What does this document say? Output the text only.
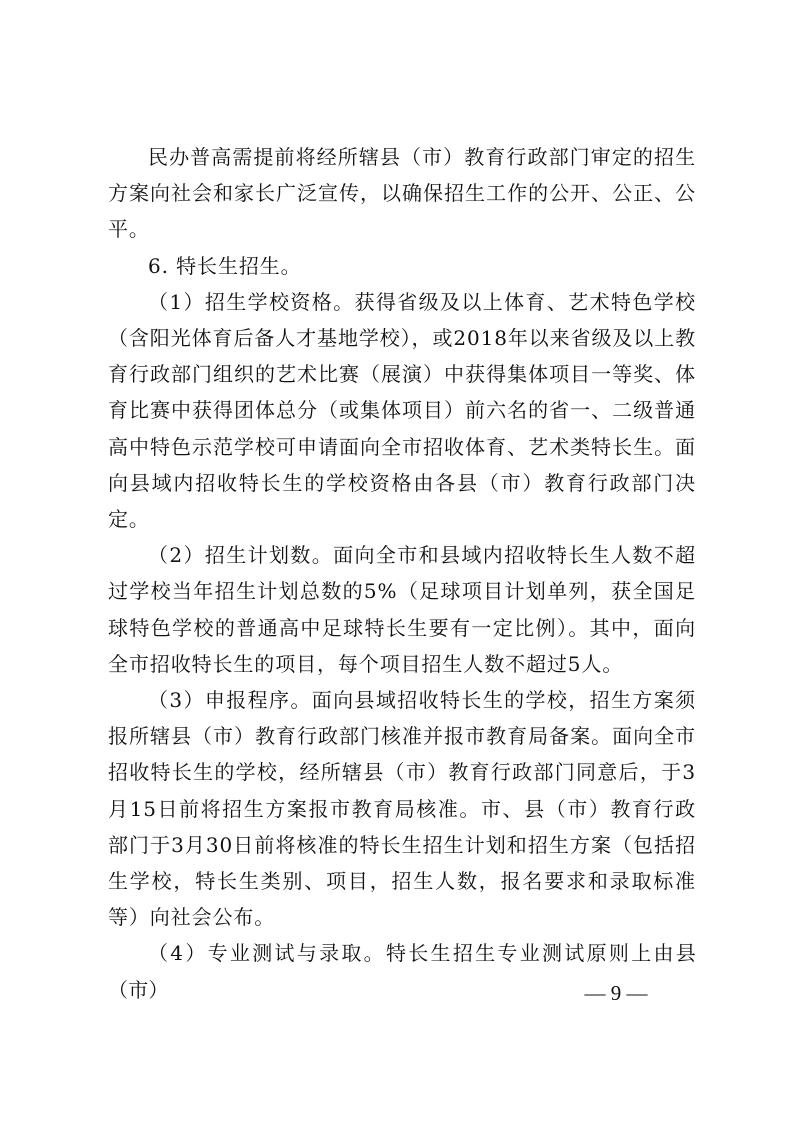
民办普高需提前将经所辖县（市）教育行政部门审定的招生方案向社会和家长广泛宣传，以确保招生工作的公开、公正、公平。

6. 特长生招生。

（1）招生学校资格。获得省级及以上体育、艺术特色学校（含阳光体育后备人才基地学校），或2018年以来省级及以上教育行政部门组织的艺术比赛（展演）中获得集体项目一等奖、体育比赛中获得团体总分（或集体项目）前六名的省一、二级普通高中特色示范学校可申请面向全市招收体育、艺术类特长生。面向县域内招收特长生的学校资格由各县（市）教育行政部门决定。

（2）招生计划数。面向全市和县域内招收特长生人数不超过学校当年招生计划总数的5%（足球项目计划单列，获全国足球特色学校的普通高中足球特长生要有一定比例）。其中，面向全市招收特长生的项目，每个项目招生人数不超过5人。

（3）申报程序。面向县域招收特长生的学校，招生方案须报所辖县（市）教育行政部门核准并报市教育局备案。面向全市招收特长生的学校，经所辖县（市）教育行政部门同意后，于3月15日前将招生方案报市教育局核准。市、县（市）教育行政部门于3月30日前将核准的特长生招生计划和招生方案（包括招生学校，特长生类别、项目，招生人数，报名要求和录取标准等）向社会公布。

（4）专业测试与录取。特长生招生专业测试原则上由县（市）	— 9 —
